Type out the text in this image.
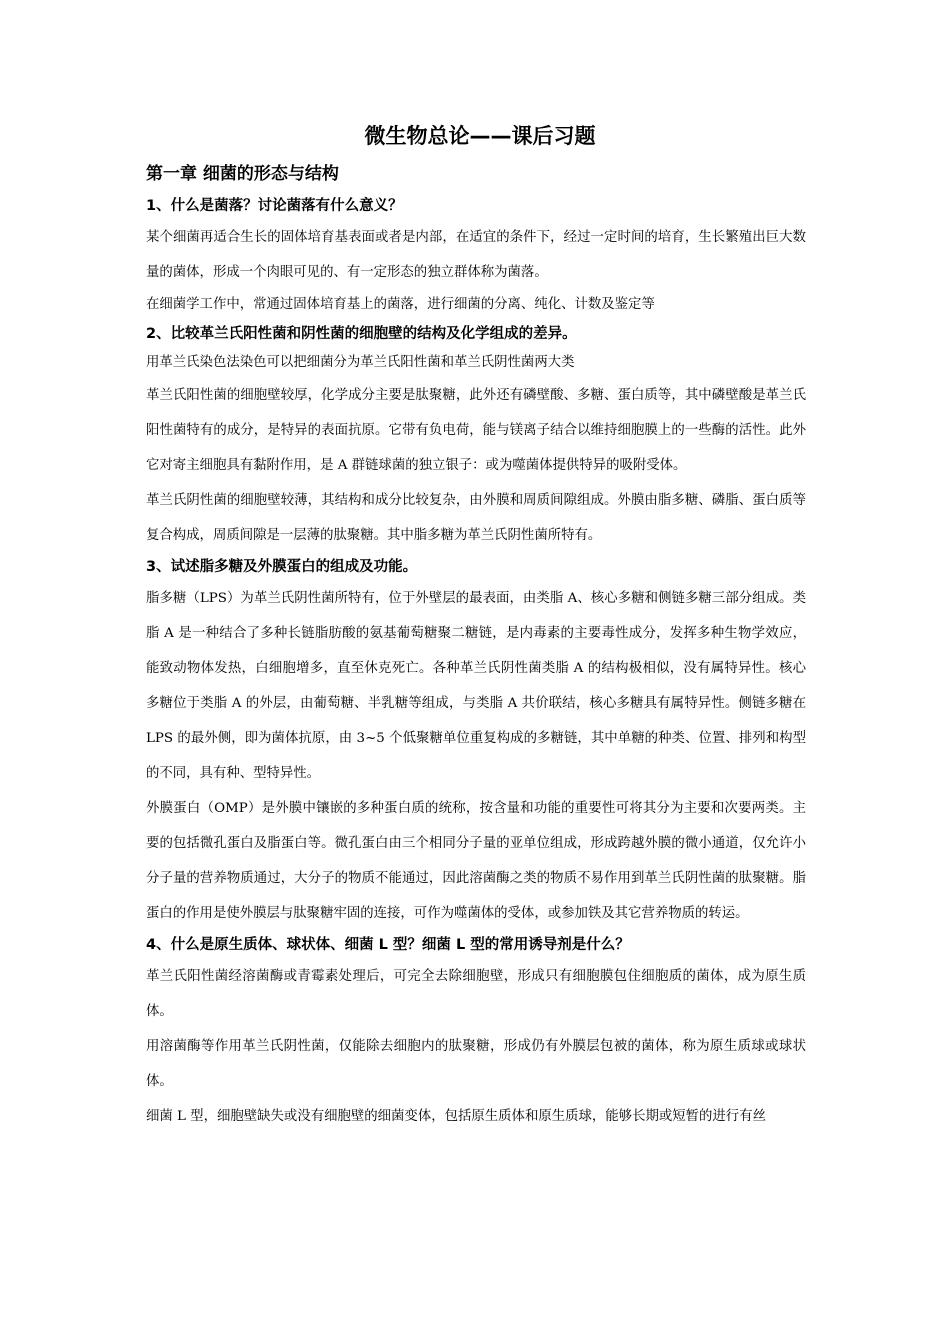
微生物总论——课后习题
第一章 细菌的形态与结构
1、什么是菌落？讨论菌落有什么意义？

某个细菌再适合生长的固体培育基表面或者是内部，在适宜的条件下，经过一定时间的培育，生长繁殖出巨大数量的菌体，形成一个肉眼可见的、有一定形态的独立群体称为菌落。

在细菌学工作中，常通过固体培育基上的菌落，进行细菌的分离、纯化、计数及鉴定等

2、比较革兰氏阳性菌和阴性菌的细胞壁的结构及化学组成的差异。

用革兰氏染色法染色可以把细菌分为革兰氏阳性菌和革兰氏阴性菌两大类

革兰氏阳性菌的细胞壁较厚，化学成分主要是肽聚糖，此外还有磷壁酸、多糖、蛋白质等，其中磷壁酸是革兰氏阳性菌特有的成分，是特异的表面抗原。它带有负电荷，能与镁离子结合以维持细胞膜上的一些酶的活性。此外它对寄主细胞具有黏附作用，是 A 群链球菌的独立银子：或为噬菌体提供特异的吸附受体。

革兰氏阴性菌的细胞壁较薄，其结构和成分比较复杂，由外膜和周质间隙组成。外膜由脂多糖、磷脂、蛋白质等复合构成，周质间隙是一层薄的肽聚糖。其中脂多糖为革兰氏阴性菌所特有。

3、试述脂多糖及外膜蛋白的组成及功能。

脂多糖（LPS）为革兰氏阴性菌所特有，位于外壁层的最表面，由类脂 A、核心多糖和侧链多糖三部分组成。类脂 A 是一种结合了多种长链脂肪酸的氨基葡萄糖聚二糖链，是内毒素的主要毒性成分，发挥多种生物学效应，能致动物体发热，白细胞增多，直至休克死亡。各种革兰氏阴性菌类脂 A 的结构极相似，没有属特异性。核心多糖位于类脂 A 的外层，由葡萄糖、半乳糖等组成，与类脂 A 共价联结，核心多糖具有属特异性。侧链多糖在 LPS 的最外侧，即为菌体抗原，由 3~5 个低聚糖单位重复构成的多糖链，其中单糖的种类、位置、排列和构型的不同，具有种、型特异性。

外膜蛋白（OMP）是外膜中镶嵌的多种蛋白质的统称，按含量和功能的重要性可将其分为主要和次要两类。主要的包括微孔蛋白及脂蛋白等。微孔蛋白由三个相同分子量的亚单位组成，形成跨越外膜的微小通道，仅允许小分子量的营养物质通过，大分子的物质不能通过，因此溶菌酶之类的物质不易作用到革兰氏阴性菌的肽聚糖。脂蛋白的作用是使外膜层与肽聚糖牢固的连接，可作为噬菌体的受体，或参加铁及其它营养物质的转运。

4、什么是原生质体、球状体、细菌 L 型？细菌 L 型的常用诱导剂是什么？

革兰氏阳性菌经溶菌酶或青霉素处理后，可完全去除细胞壁，形成只有细胞膜包住细胞质的菌体，成为原生质体。

用溶菌酶等作用革兰氏阴性菌，仅能除去细胞内的肽聚糖，形成仍有外膜层包被的菌体，称为原生质球或球状体。

细菌 L 型，细胞壁缺失或没有细胞壁的细菌变体，包括原生质体和原生质球，能够长期或短暂的进行有丝
